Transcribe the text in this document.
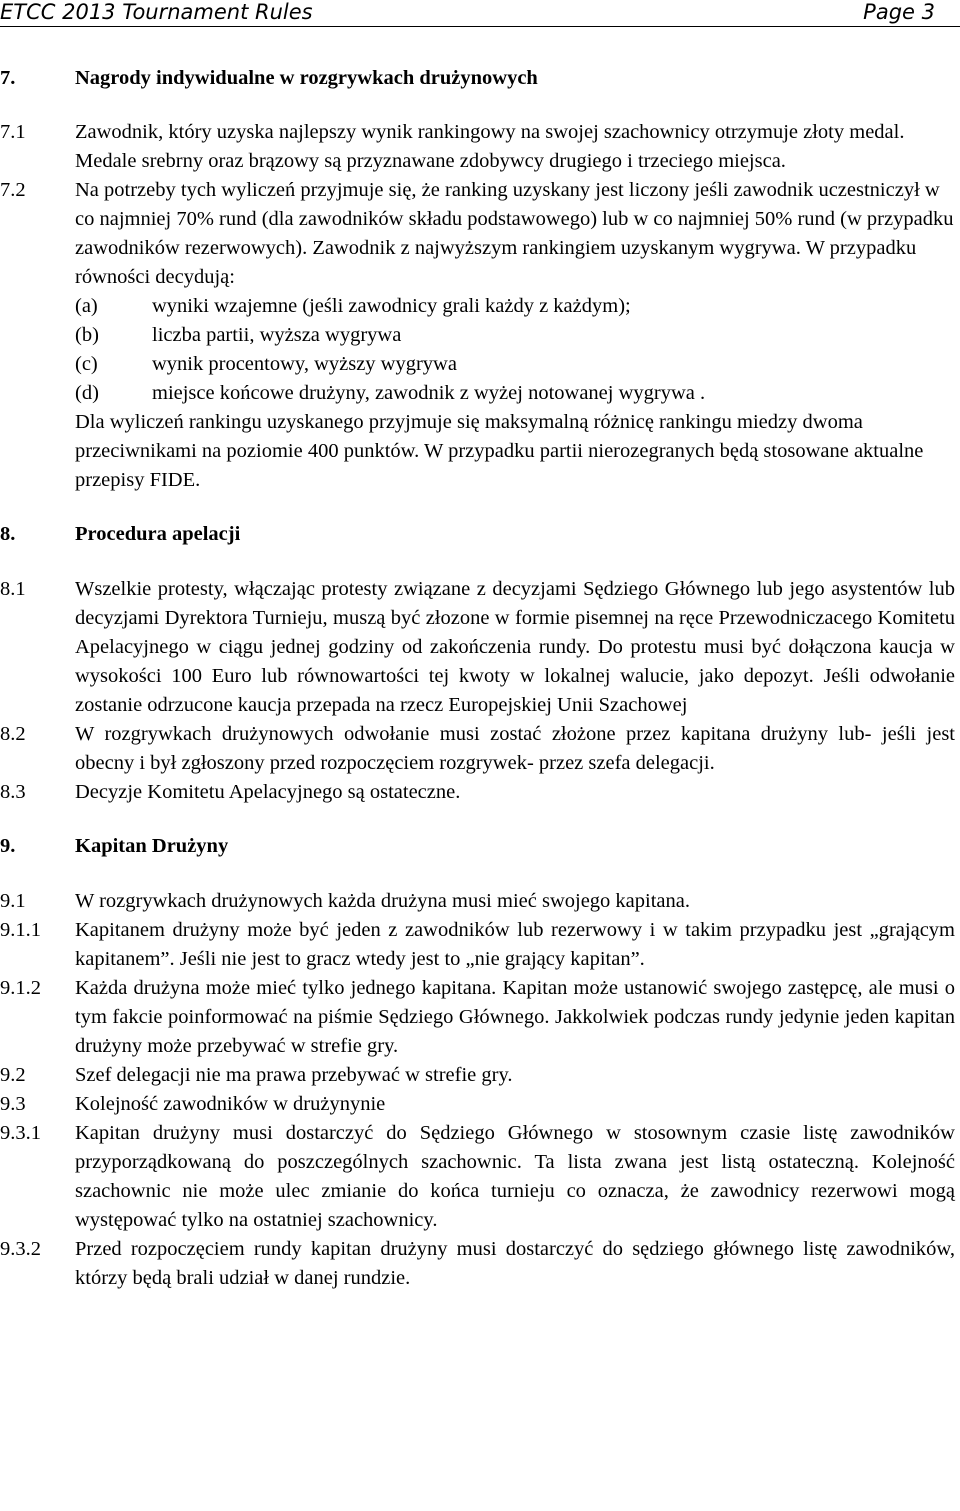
ETCC 2013 Tournament Rules	Page 3
7.	Nagrody indywidualne w rozgrywkach drużynowych
7.1 Zawodnik, który uzyska najlepszy wynik rankingowy na swojej szachownicy otrzymuje złoty medal. Medale srebrny oraz brązowy są przyznawane zdobywcy drugiego i trzeciego miejsca.
7.2 Na potrzeby tych wyliczeń przyjmuje się, że ranking uzyskany jest liczony jeśli zawodnik uczestniczył w co najmniej 70% rund (dla zawodników składu podstawowego) lub w co najmniej 50% rund (w przypadku zawodników rezerwowych). Zawodnik z najwyższym rankingiem uzyskanym wygrywa. W przypadku równości decydują:
(a)	wyniki wzajemne (jeśli zawodnicy grali każdy z każdym);
(b)	liczba partii, wyższa wygrywa
(c)	wynik procentowy, wyższy wygrywa
(d)	miejsce końcowe drużyny, zawodnik z wyżej notowanej wygrywa .
Dla wyliczeń rankingu uzyskanego przyjmuje się maksymalną różnicę rankingu miedzy dwoma przeciwnikami na poziomie 400 punktów. W przypadku partii nierozegranych będą stosowane aktualne przepisy FIDE.
8.	Procedura apelacji
8.1 Wszelkie protesty, włączając protesty związane z decyzjami Sędziego Głównego lub jego asystentów lub decyzjami Dyrektora Turnieju, muszą być złozone w formie pisemnej na ręce Przewodniczacego Komitetu Apelacyjnego w ciągu jednej godziny od zakończenia rundy. Do protestu musi być dołączona kaucja w wysokości 100 Euro lub równowartości tej kwoty w lokalnej walucie, jako depozyt. Jeśli odwołanie zostanie odrzucone kaucja przepada na rzecz Europejskiej Unii Szachowej
8.2 W rozgrywkach drużynowych odwołanie musi zostać złożone przez kapitana drużyny lub- jeśli jest obecny i był zgłoszony przed rozpoczęciem rozgrywek- przez szefa delegacji.
8.3 Decyzje Komitetu Apelacyjnego są ostateczne.
9.	Kapitan Drużyny
9.1 W rozgrywkach drużynowych każda drużyna musi mieć swojego kapitana.
9.1.1 Kapitanem drużyny może być jeden z zawodników lub rezerwowy i w takim przypadku jest „grającym kapitanem”. Jeśli nie jest to gracz wtedy jest to „nie grający kapitan”.
9.1.2 Każda drużyna może mieć tylko jednego kapitana. Kapitan może ustanowić swojego zastępcę, ale musi o tym fakcie poinformować na piśmie Sędziego Głównego. Jakkolwiek podczas rundy jedynie jeden kapitan drużyny może przebywać w strefie gry.
9.2 Szef delegacji nie ma prawa przebywać w strefie gry.
9.3 Kolejność zawodników w drużynynie
9.3.1 Kapitan drużyny musi dostarczyć do Sędziego Głównego w stosownym czasie listę zawodników przyporządkowaną do poszczególnych szachownic. Ta lista zwana jest listą ostateczną. Kolejność szachownic nie może ulec zmianie do końca turnieju co oznacza, że zawodnicy rezerwowi mogą występować tylko na ostatniej szachownicy.
9.3.2 Przed rozpoczęciem rundy kapitan drużyny musi dostarczyć do sędziego głównego listę zawodników, którzy będą brali udział w danej rundzie.
